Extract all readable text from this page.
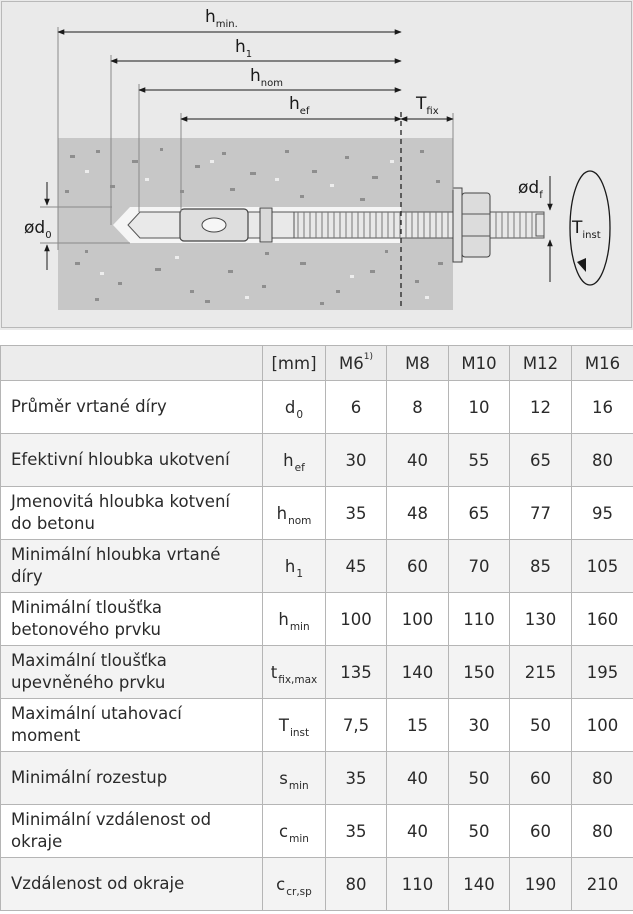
$h_{min.}$
$h_1$
$h_{nom}$
$h_{ef}$	$T_{fix}$
$ød_0$
$ød_f$
$T_{inst}$
	[mm]	M6$^{1)}$	M8	M10	M12	M16
Průměr vrtané díry	$d_0$	6	8	10	12	16
Efektivní hloubka ukotvení	$h_{ef}$	30	40	55	65	80
Jmenovitá hloubka kotvení do betonu	$h_{nom}$	35	48	65	77	95
Minimální hloubka vrtané díry	$h_1$	45	60	70	85	105
Minimální tloušťka betonového prvku	$h_{min}$	100	100	110	130	160
Maximální tloušťka upevněného prvku	$t_{fix,max}$	135	140	150	215	195
Maximální utahovací moment	$T_{inst}$	7,5	15	30	50	100
Minimální rozestup	$s_{min}$	35	40	50	60	80
Minimální vzdálenost od okraje	$c_{min}$	35	40	50	60	80
Vzdálenost od okraje	$c_{cr,sp}$	80	110	140	190	210
